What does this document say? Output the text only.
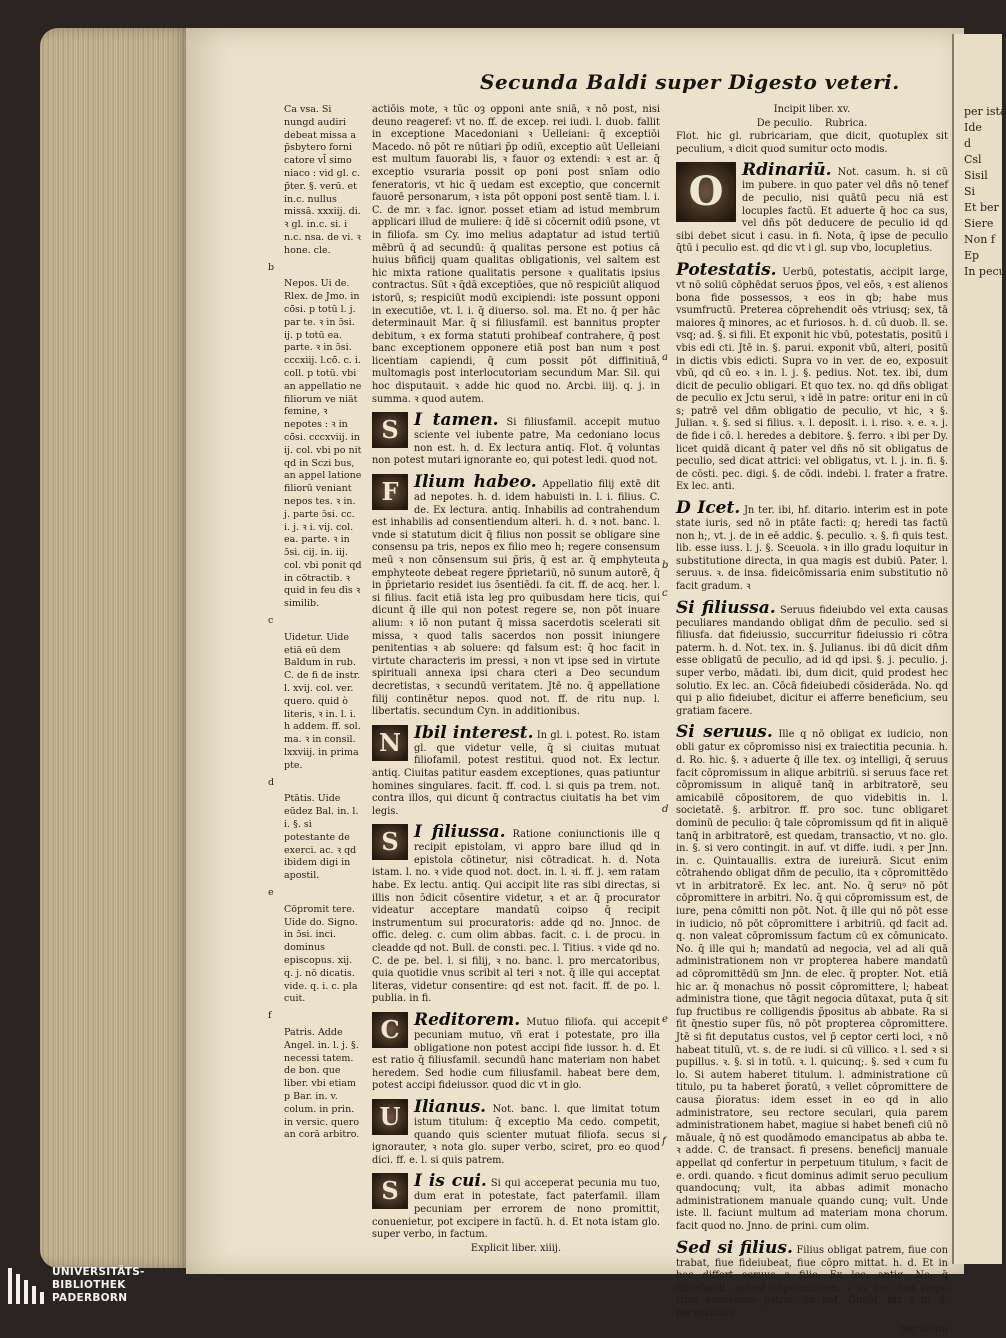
per ista
Ide
d
Csl
Sisil
Si
Et ber
Siere
Non f
Ep
In pecu
Secunda Baldi super Digesto veteri.

Ca vsa. Si nungd audiri debeat missa a p̄sbytero forni catore vl̄ simo niaco : vid gl. c. p̄ter. §. verū. et in.c. nullus missā. xxxiij. di. ꝛ gl. in.c. si. i n.c. nsa. de vi. ꝛ hone. cle.

b

Nepos. Ui de. Rlex. de Jmo. in cō̄si. p totū l. j. par te. ꝛ in ɔ̄si. ij. p totū ea. parte. ꝛ in ɔ̄si. cccxiij. l.cō̄. c. i. coll. p totū. vbi an appellatio ne filiorum ve niāt femine, ꝛ nepotes : ꝛ in cō̄si. cccxviij. in ij. col. vbi po nit qd in Sczi bus, an appel latione filiorū veniant nepos tes. ꝛ in. j. parte ɔ̄si. cc. i. j. ꝛ i. vij. col. ea. parte. ꝛ in ɔ̄si. cij. in. iij. col. vbi ponit qd in cōtractib. ꝛ quid in feu dis ꝛ similib.

c

Uidetur. Uide etiā eū dem Baldum in rub. C. de fi de instr. l. xvij. col. ver. quero. quid ò literis, ꝛ in. l. i. h addem. ff. sol. ma. ꝛ in consil. lxxviij. in prima pte.

d

Ptātis. Uide eūdez Bal. in. l. i. §. si potestante de exerci. ac. ꝛ qd ibidem digi in apostil.

e

Cōpromit tere. Uide do. Signo. in ɔ̄si. inci. dominus episcopus. xij. q. j. nō dicatis. vide. q. i. c. pla cuit.

f

Patris. Adde Angel. in. l. j. §. necessi tatem. de bon. que liber. vbi etiam p Bar. in. v. colum. in prin. in versic. quero an corā arbitro.

actiōis mote, ꝛ tūc oȝ opponi ante sniā, ꝛ nō post, nisi deuno reageref: vt no. ff. de excep. rei iudi. l. duob. fallit in exceptione Macedoniani ꝛ Uelleiani: q̄ exceptiōi Macedo. nō pōt re nūtiari p̄p odiū, exceptio aūt Uelleiani est multum fauorabi lis, ꝛ fauor oȝ extendi: ꝛ est ar. q̄ exceptio vsuraria possit op poni post snīam odio feneratoris, vt hic q̄ uedam est exceptio, que concernit fauorē personarum, ꝛ ista pōt opponi post sentē tiam. l. i. C. de mr. ꝛ fac. ignor. posset etiam ad istud membrum applicari illud de muliere: q̄ idē si cōcernit odiū psone, vt in filiofa. sm Cy. imo melius adaptatur ad istud tertiū mēbrū q̄ ad secundū: q̄ qualitas persone est potius cā huius bñficij quam qualitas obligationis, vel saltem est hic mixta ratione qualitatis persone ꝛ qualitatis ipsius contractus. Sūt ꝛ q̄dā exceptiōes, que nō respiciūt aliquod istorū, s; respiciūt modū excipiendi: iste possunt opponi in executiōe, vt. l. i. q̄ diuerso. sol. ma. Et no. q̄ per hāc determinauit Mar. q̄ si filiusfamil. est bannitus propter debitum, ꝛ ex forma statuti prohibeaf contrahere, q̄ post banc exceptionem opponere etiā post ban num ꝛ post licentiam capiendi, q̄ cum possit pōt diffinitiuā, multomagis post interlocutoriam secundum Mar. Sil. qui hoc disputauit. ꝛ adde hic quod no. Arcbi. iiij. q. j. in summa. ꝛ quod autem.

S I tamen. Si filiusfamil. accepit mutuo sciente vel iubente patre, Ma cedoniano locus non est. h. d. Ex lectura antiq. Flot. q̄ voluntas non potest mutari ignorante eo, qui potest ledi. quod not.

F Ilium habeo. Appellatio filij extē dit ad nepotes. h. d. idem habuisti in. l. i. filius. C. de. Ex lectura. antiq. Inhabilis ad contrahendum est inhabilis ad consentiendum alteri. h. d. ꝛ not. banc. l. vnde si statutum dicit q̄ filius non possit se obligare sine consensu pa tris, nepos ex filio meo h; regere consensum meū ꝛ non cōnsensum sui p̄ris, q̄ est ar. q̄ emphyteuta emphyteote debeat regere p̄prietariū, nō sunum autorē, q̄ in p̄prietario residet ius ɔ̄sentiēdi. fa cit. ff. de acq. her. l. si filius. facit etiā ista leg pro quibusdam here ticis, qui dicunt q̄ ille qui non potest regere se, non pōt inuare alium: ꝛ iō non putant q̄ missa sacerdotis scelerati sit missa, ꝛ quod talis sacerdos non possit iniungere penitentias ꝛ ab soluere: qd falsum est: q̄ hoc facit in virtute characteris im pressi, ꝛ non vt ipse sed in virtute spirituali annexa ipsi chara cteri a Deo secundum decretistas, ꝛ secundū veritatem. Jtē no. q̄ appellatione filij continētur nepos. quod not. ff. de ritu nup. l. libertatis. secundum Cyn. in additionibus.

N Ibil interest. In gl. i. potest. Ro. istam gl. que videtur velle, q̄ si ciuitas mutuat filiofamil. potest restitui. quod not. Ex lectur. antiq. Ciuitas patitur easdem exceptiones, quas patiuntur homines singulares. facit. ff. cod. l. si quis pa trem. not. contra illos, qui dicunt q̄ contractus ciuitatis ha bet vim legis.

S I filiussa. Ratione coniunctionis ille q recipit epistolam, vi appro bare illud qd in epistola cōtinetur, nisi cōtradicat. h. d. Nota istam. l. no. ꝛ vide quod not. doct. in. l. ꝛi. ff. j. ꝛem ratam habe. Ex lectu. antiq. Qui accipit lite ras sibi directas, si illis non ɔ̄dicit cōsentire videtur, ꝛ et ar. q̄ procurator videatur acceptare mandatū coipso q̄ recipit instrumentum sui procuratoris: adde qd no. Jnnoc. de offic. deleg. c. cum olim abbas. facit. c. i. de procu. in cleadde qd not. Bull. de consti. pec. l. Titius. ꝛ vide qd no. C. de pe. bel. l. si filij, ꝛ no. banc. l. pro mercatoribus, quia quotidie vnus scribit al teri ꝛ not. q̄ ille qui acceptat literas, videtur consentire: qd est not. facit. ff. de po. l. publia. in fi.

C Reditorem. Mutuo filiofa. qui accepit pecuniam mutuo, vñ erat i potestate, pro illa obligatione non potest accipi fide iussor. h. d. Et est ratio q̄ filiusfamil. secundū hanc materiam non habet heredem. Sed hodie cum filiusfamil. habeat bere dem, potest accipi fideiussor. quod dic vt in glo.

U Ilianus. Not. banc. l. que limitat totum istum titulum: q̄ exceptio Ma cedo. competit, quando quis scienter mutuat filiofa. secus si ignorauter, ꝛ nota glo. super verbo, sciret, pro eo quod dici. ff. e. l. si quis patrem.

S I is cui. Si qui acceperat pecunia mu tuo, dum erat in potestate, fact paterfamil. illam pecuniam per errorem de nono promittit, conuenietur, pot excipere in factū. h. d. Et nota istam glo. super verbo, in factum.

Explicit liber. xiiij.

Incipit liber. xv.

De peculio. Rubrica.

Flot. hic gl. rubricariam, que dicit, quotuplex sit peculium, ꝛ dicit quod sumitur octo modis.

O	Rdinariū. Not. casum. h. si cū im pubere. in quo pater vel dñs nō tenef de peculio, nisi quātū pecu niā est locuples factū. Et aduerte q̄ hoc ca sus, vel dñs pōt deducere de peculio id qd sibi debet sicut i casu. in fi. Nota, q̄ ipse de peculio q̄tū i peculio est. qd dic vt i gl. sup vbo, locupletius.

Potestatis. Uerbū, potestatis, accipit large, vt nō soliū cōphēdat seruos p̄pos, vel eōs, ꝛ est alienos bona fide possessos, ꝛ eos in qb; habe mus vsumfructū. Preterea cōprehendit oēs vtriusq; sex, tā maiores q̄ minores, ac et furiosos. h. d. cū duob. ll. se. vsq; ad. §. si fili. Et exponit hic vbū, potestatis, positū i vbis edi cti. Jtē in. §. parui. exponit vbū, alteri, positū in dictis vbis edicti. Supra vo in ver. de eo, exposuit vbū, qd cū eo. ꝛ in. l. j. §. pedius. Not. tex. ibi, dum dicit de peculio obligari. Et quo tex. no. qd dñs obligat de peculio ex Jctu serui, ꝛ idē in patre: oritur eni in cū s; patrē vel dñm obligatio de peculio, vt hic, ꝛ §. Julian. ꝛ. §. sed si filius. ꝛ. l. deposit. i. i. riso. ꝛ. e. ꝛ. j. de fide i cō. l. heredes a debitore. §. ferro. ꝛ ibi per Dy. licet quidā dicant q̄ pater vel dñs nō sit obligatus de peculio, sed dicat attrici: vel obligatus, vt. l. j. in. fi. §. de cōsti. pec. digi. §. de cōdi. indebi. l. frater a fratre. Ex lec. anti.

D Icet. Jn ter. ibi, hf. ditario. interim est in pote state iuris, sed nō in ptāte facti: q; heredi tas factū non h;, vt. j. de in eē addic. §. peculio. ꝛ. §. fi quis test. lib. esse iuss. l. j. §. Sceuola. ꝛ in illo gradu loquitur in substitutione directa, in qua magis est dubiū. Pater. l. seruus. ꝛ. de insa. fideicōmissaria enim substitutio nō facit gradum. ꝛ

Si filiussa. Seruus fideiubdo vel exta causas peculiares mandando obligat dñm de peculio. sed si filiusfa. dat fideiussio, succurritur fideiussio ri cōtra paterm. h. d. Not. tex. in. §. Julianus. ibi dū dicit dñm esse obligatū de peculio, ad id qd ipsi. §. j. peculio. j. super verbo, mādati. ibi, dum dicit, quid prodest hec solutio. Ex lec. an. Cōcā fideiubedi cōsiderāda. No. qd qui p alio fideiubet, dicitur ei afferre beneficium, seu gratiam facere.

Si seruus. Ille q nō obligat ex iudicio, non obli gatur ex cōpromisso nisi ex traiectitia pecunia. h. d. Ro. hic. §. ꝛ aduerte q̄ ille tex. oȝ intelligi, q̄ seruus facit cōpromissum in alique arbitriū. si seruus face ret cōpromissum in aliquē tanq̄ in arbitratorē, seu amicabilē cōpositorem, de quo videbitis in. l. societatē. §. arbitror. ff. pro soc. tunc obligaret dominū de peculio: q̄ tale cōpromissum qd fit in aliquē tanq̄ in arbitratorē, est quedam, transactio, vt no. glo. in. §. si vero contingit. in auf. vt diffe. iudi. ꝛ per Jnn. in. c. Quintauallis. extra de iureiurā. Sicut enim cōtrahendo obligat dñm de peculio, ita ꝛ cōpromittēdo vt in arbitratorē. Ex lec. ant. No. q̄ seruꝰ nō pōt cōpromittere in arbitri. No. q̄ qui cōpromissum est, de iure, pena cōmitti non pōt. Not. q̄ ille qui nō pōt esse in iudicio, nō pōt cōpromittere i arbitriū. qd facit ad. q. non valeat cōpromissum factum cū ex cōmunicato. No. q̄ ille qui h; mandatū ad negocia, vel ad ali quā administrationem non vr propterea habere mandatū ad cōpromittēdū sm Jnn. de elec. q̄ propter. Not. etiā hic ar. q̄ monachus nō possit cōpromittere, l; habeat administra tione, que tāgit negocia dūtaxat, puta q̄ sit fup fructibus re colligendis p̄positus ab abbate. Ra si fit q̄nestio super fūs, nō pōt propterea cōpromittere. Jtē si fit deputatus custos, vel p̄ ceptor certi loci, ꝛ nō habeat titulū, vt. s. de re iudi. si cū villico. ꝛ l. sed ꝛ si pupillus. ꝛ. §. si in totū. ꝛ. l. quicunq;. §. sed ꝛ cum fu lo. Si autem haberet titulum. l. administratione cū titulo, pu ta haberet p̄oratū, ꝛ vellet cōpromittere de causa p̄ioratus: idem esset in eo qd in alio administratore, seu rectore seculari, quia parem administrationem habet, magiue si habet benefi ciū nō māuale, q̄ nō est quodāmodo emancipatus ab abba te. ꝛ adde. C. de transact. fi presens. beneficij manuale appellat qd confertur in perpetuum titulum, ꝛ facit de e. ordi. quando. ꝛ ficut dominus adimit seruo peculium quandocunq; vult, ita abbas adimit monacho administrationem manuale quando cunq; vult. Unde iste. ll. faciunt multum ad materiam mona chorum. facit quod no. Jnno. de prini. cum olim.

Sed si filius. Filius obligat patrem, fiue con trabat, fiue fideiubeat, fiue cōpro mittat. h. d. Et in boc differt seruus a filio. Ex lec. antiq. No. q̄ filiusfamil. potest cōpromittere, ꝛ in boc non requi ritur consensus patris, ita not. Guliel. bic ꝛ in. §. necessitatis.

per istum

UNIVERSITÄTS-
BIBLIOTHEK
PADERBORN
a
b
c
d
e
f
